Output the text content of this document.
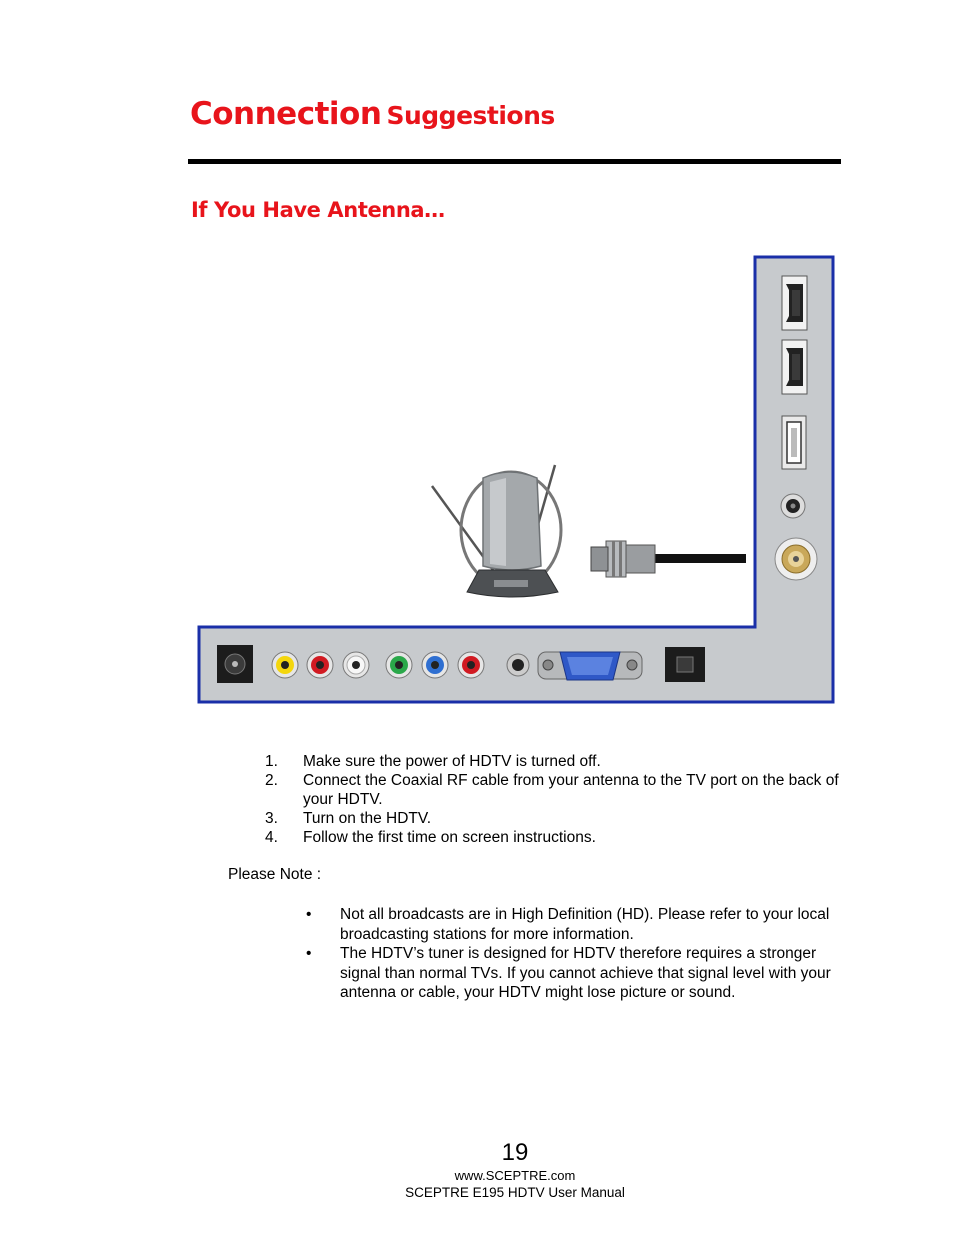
Connection Suggestions
If You Have Antenna…
1. Make sure the power of HDTV is turned off.
2. Connect the Coaxial RF cable from your antenna to the TV port on the back of your HDTV.
3. Turn on the HDTV.
4. Follow the first time on screen instructions.
Please Note :
• Not all broadcasts are in High Definition (HD). Please refer to your local broadcasting stations for more information.
• The HDTV’s tuner is designed for HDTV therefore requires a stronger signal than normal TVs. If you cannot achieve that signal level with your antenna or cable, your HDTV might lose picture or sound.
19
www.SCEPTRE.com
SCEPTRE E195 HDTV User Manual
